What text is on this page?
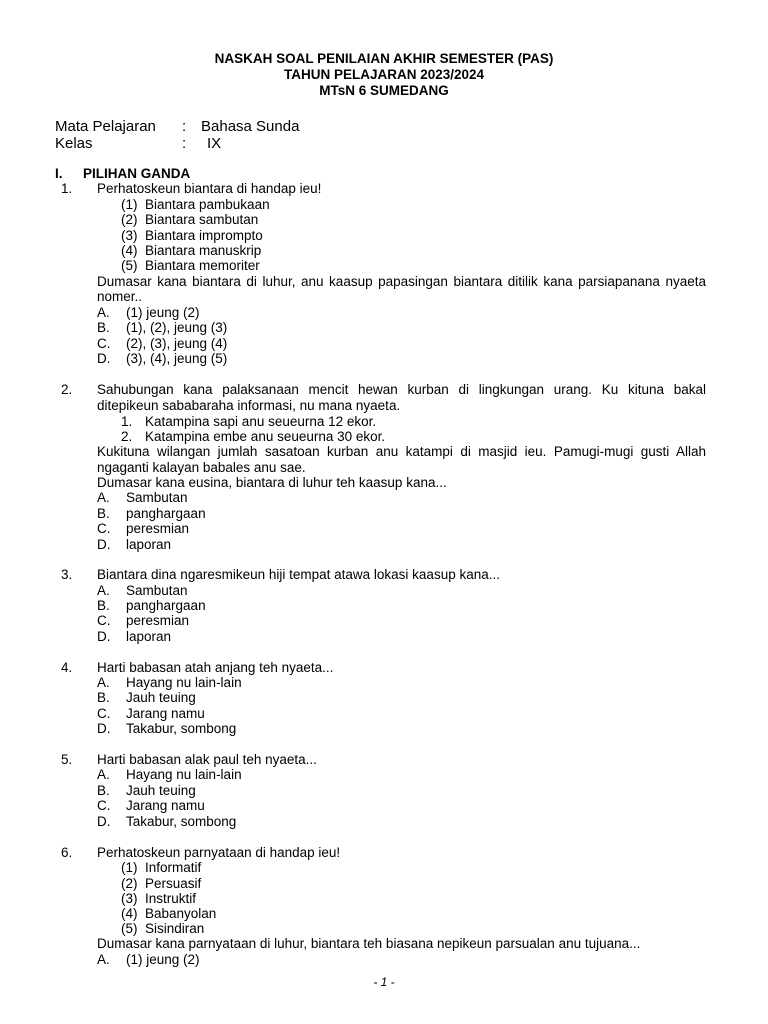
NASKAH SOAL PENILAIAN AKHIR SEMESTER (PAS)
TAHUN PELAJARAN 2023/2024
MTsN 6 SUMEDANG
Mata Pelajaran : Bahasa Sunda
Kelas	: IX
I. PILIHAN GANDA
1. Perhatoskeun biantara di handap ieu!
(1) Biantara pambukaan
(2) Biantara sambutan
(3) Biantara imprompto
(4) Biantara manuskrip
(5) Biantara memoriter
Dumasar kana biantara di luhur, anu kaasup papasingan biantara ditilik kana parsiapanana nyaeta
nomer..
A. (1) jeung (2)
B. (1), (2), jeung (3)
C. (2), (3), jeung (4)
D. (3), (4), jeung (5)
2. Sahubungan kana palaksanaan mencit hewan kurban di lingkungan urang. Ku kituna bakal
ditepikeun sababaraha informasi, nu mana nyaeta.
1. Katampina sapi anu seueurna 12 ekor.
2. Katampina embe anu seueurna 30 ekor.
Kukituna wilangan jumlah sasatoan kurban anu katampi di masjid ieu. Pamugi-mugi gusti Allah
ngaganti kalayan babales anu sae.
Dumasar kana eusina, biantara di luhur teh kaasup kana...
A. Sambutan
B. panghargaan
C. peresmian
D. laporan
3. Biantara dina ngaresmikeun hiji tempat atawa lokasi kaasup kana...
A. Sambutan
B. panghargaan
C. peresmian
D. laporan
4. Harti babasan atah anjang teh nyaeta...
A. Hayang nu lain-lain
B. Jauh teuing
C. Jarang namu
D. Takabur, sombong
5. Harti babasan alak paul teh nyaeta...
A. Hayang nu lain-lain
B. Jauh teuing
C. Jarang namu
D. Takabur, sombong
6. Perhatoskeun parnyataan di handap ieu!
(1) Informatif
(2) Persuasif
(3) Instruktif
(4) Babanyolan
(5) Sisindiran
Dumasar kana parnyataan di luhur, biantara teh biasana nepikeun parsualan anu tujuana...
A. (1) jeung (2)
- 1 -
